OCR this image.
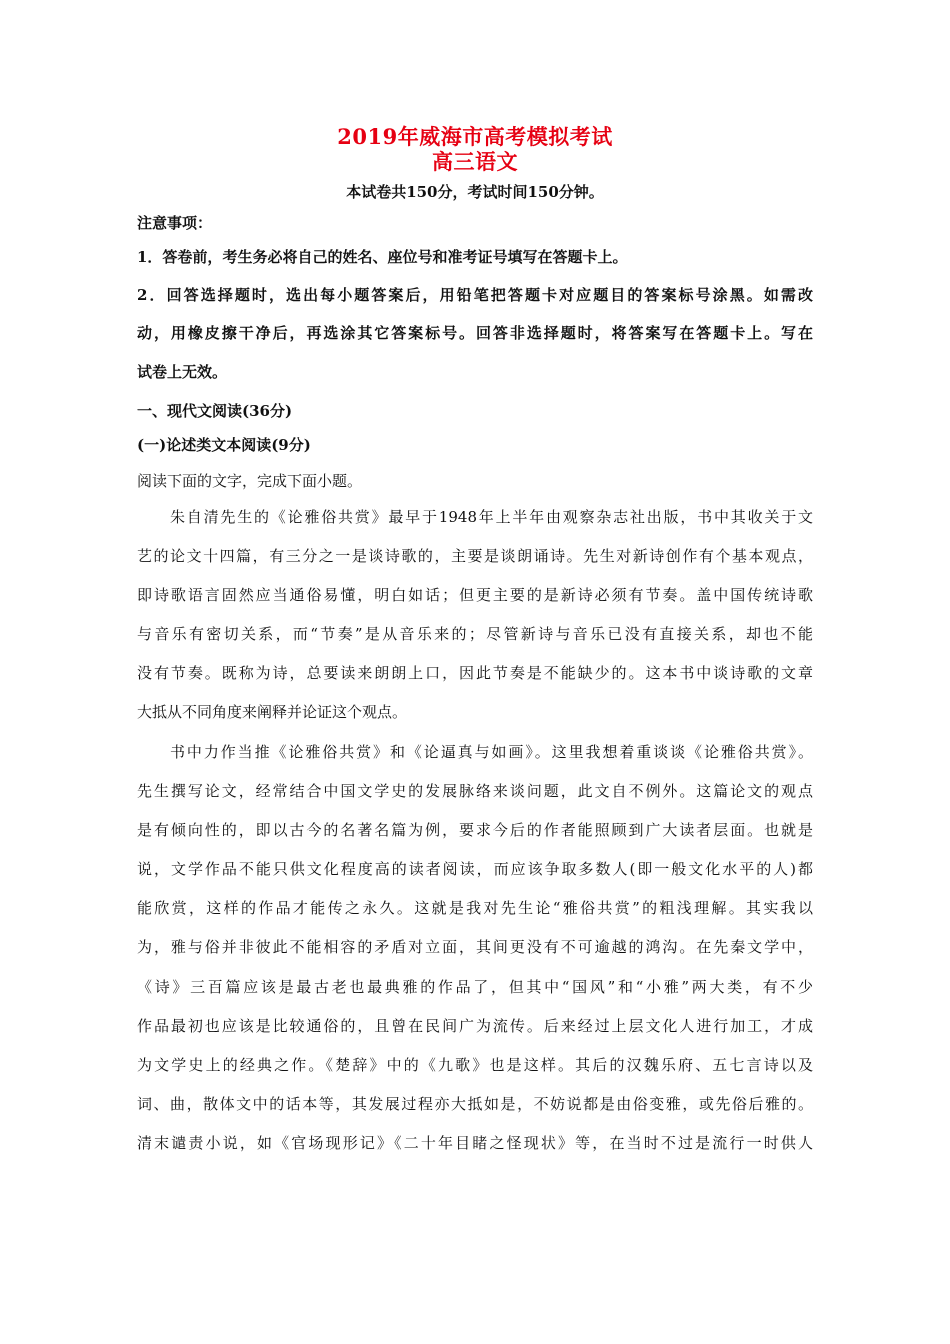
2019年威海市高考模拟考试
高三语文
本试卷共150分，考试时间150分钟。
注意事项：
1．答卷前，考生务必将自己的姓名、座位号和准考证号填写在答题卡上。
2．回答选择题时，选出每小题答案后，用铅笔把答题卡对应题目的答案标号涂黑。如需改
动，用橡皮擦干净后，再选涂其它答案标号。回答非选择题时，将答案写在答题卡上。写在
试卷上无效。
一、现代文阅读(36分)
(一)论述类文本阅读(9分)
阅读下面的文字，完成下面小题。
朱自清先生的《论雅俗共赏》最早于1948年上半年由观察杂志社出版，书中其收关于文
艺的论文十四篇，有三分之一是谈诗歌的，主要是谈朗诵诗。先生对新诗创作有个基本观点，
即诗歌语言固然应当通俗易懂，明白如话；但更主要的是新诗必须有节奏。盖中国传统诗歌
与音乐有密切关系，而“节奏”是从音乐来的；尽管新诗与音乐已没有直接关系，却也不能
没有节奏。既称为诗，总要读来朗朗上口，因此节奏是不能缺少的。这本书中谈诗歌的文章
大抵从不同角度来阐释并论证这个观点。
书中力作当推《论雅俗共赏》和《论逼真与如画》。这里我想着重谈谈《论雅俗共赏》。
先生撰写论文，经常结合中国文学史的发展脉络来谈问题，此文自不例外。这篇论文的观点
是有倾向性的，即以古今的名著名篇为例，要求今后的作者能照顾到广大读者层面。也就是
说，文学作品不能只供文化程度高的读者阅读，而应该争取多数人(即一般文化水平的人)都
能欣赏，这样的作品才能传之永久。这就是我对先生论“雅俗共赏”的粗浅理解。其实我以
为，雅与俗并非彼此不能相容的矛盾对立面，其间更没有不可逾越的鸿沟。在先秦文学中，
《诗》三百篇应该是最古老也最典雅的作品了，但其中“国风”和“小雅”两大类，有不少
作品最初也应该是比较通俗的，且曾在民间广为流传。后来经过上层文化人进行加工，才成
为文学史上的经典之作。《楚辞》中的《九歌》也是这样。其后的汉魏乐府、五七言诗以及
词、曲，散体文中的话本等，其发展过程亦大抵如是，不妨说都是由俗变雅，或先俗后雅的。
清末谴责小说，如《官场现形记》《二十年目睹之怪现状》等，在当时不过是流行一时供人
